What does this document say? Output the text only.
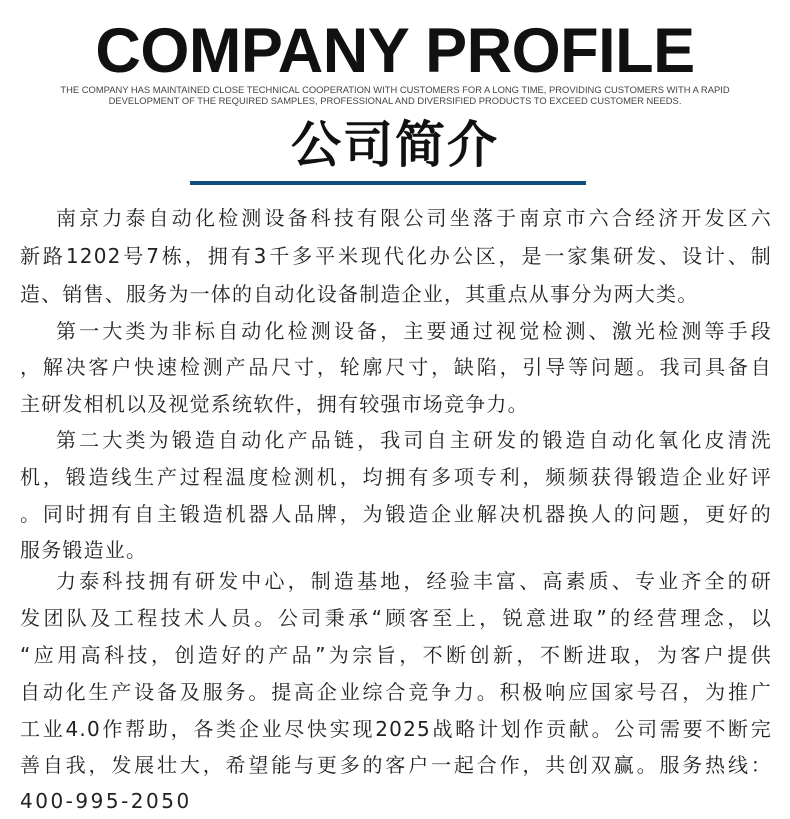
COMPANY PROFILE
THE COMPANY HAS MAINTAINED CLOSE TECHNICAL COOPERATION WITH CUSTOMERS FOR A LONG TIME, PROVIDING CUSTOMERS WITH A RAPID
DEVELOPMENT OF THE REQUIRED SAMPLES, PROFESSIONAL AND DIVERSIFIED PRODUCTS TO EXCEED CUSTOMER NEEDS.
公司简介
南京力泰自动化检测设备科技有限公司坐落于南京市六合经济开发区六
新路1202号7栋，拥有3千多平米现代化办公区，是一家集研发、设计、制
造、销售、服务为一体的自动化设备制造企业，其重点从事分为两大类。
第一大类为非标自动化检测设备，主要通过视觉检测、激光检测等手段
，解决客户快速检测产品尺寸，轮廓尺寸，缺陷，引导等问题。我司具备自
主研发相机以及视觉系统软件，拥有较强市场竞争力。
第二大类为锻造自动化产品链，我司自主研发的锻造自动化氧化皮清洗
机，锻造线生产过程温度检测机，均拥有多项专利，频频获得锻造企业好评
。同时拥有自主锻造机器人品牌，为锻造企业解决机器换人的问题，更好的
服务锻造业。
力泰科技拥有研发中心，制造基地，经验丰富、高素质、专业齐全的研
发团队及工程技术人员。公司秉承“顾客至上，锐意进取”的经营理念，以
“应用高科技，创造好的产品”为宗旨，不断创新，不断进取，为客户提供
自动化生产设备及服务。提高企业综合竞争力。积极响应国家号召，为推广
工业4.0作帮助，各类企业尽快实现2025战略计划作贡献。公司需要不断完
善自我，发展壮大，希望能与更多的客户一起合作，共创双赢。服务热线：
400-995-2050
